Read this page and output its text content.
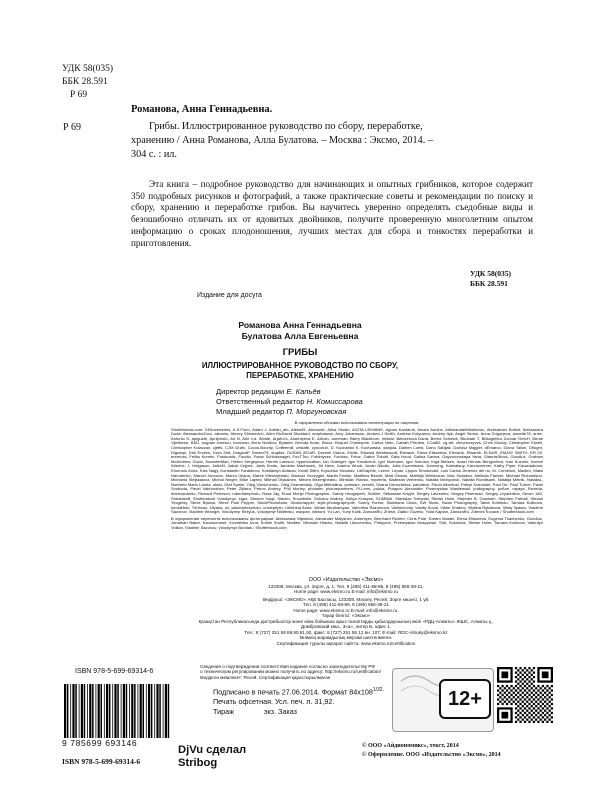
УДК 58(035)
ББК 28.591
Р 69
Романова, Анна Геннадьевна.
Р 69	Грибы. Иллюстрированное руководство по сбору, переработке,
хранению / Анна Романова, Алла Булатова. – Москва : Эксмо, 2014. –
304 с. : ил.
Эта книга – подробное руководство для начинающих и опытных грибников, которое содержит 350 подробных рисунков и фотографий, а также практические советы и рекомендации по поиску и сбору, хранению и переработке грибов. Вы научитесь уверенно определять съедобные виды и безошибочно отличать их от ядовитых двойников, получите проверенную многолетним опытом информацию о сроках плодоношения, лучших местах для сбора и тонкостях переработки и приготовления.
УДК 58(035)
ББК 28.591
Издание для досуга
Романова Анна Геннадьевна
Булатова Алла Евгеньевна
ГРИБЫ
ИЛЛЮСТРИРОВАННОЕ РУКОВОДСТВО ПО СБОРУ,
ПЕРЕРАБОТКЕ, ХРАНЕНИЮ
Директор редакции Е. Капьёв
Ответственный редактор Н. Комиссарова
Младший редактор П. Моргуновская

В оформлении обложки использованы иллюстрации по лицензии:

Shutterstock.com: 24Novembers, A.S.Floro, Adam J, Adrian_am, Aleks49, AlexussK, Alina Studio, AGITA LEIMANE, Agnes Kantaruk, Ainars Aunins, AleksandarMilutinovic, Aleksander Bolbot, Aleksandra Duda, AlessandroZocc, alexeisr, Alexey Shinkevich, Allen McDavid Stoddard, amphaiwan, Amy Johansson, Andrea J Smith, Andrew Kotyranov, Andrey Ityk, Angel Simon, Anna Grigorjeva, annette78, anse, Antonio S, apiguide, Aprilphoto, Art N, Arie v.d. Wolde, ArjaKo's, Arsentyeva E, Artush, aureman; Barry Blackburn, belizar, Belozerova Dana, Bernd Schmidt, Bhubate T, Bildagentur Zoonar GmbH, Birute Vijeikiene, BMJ, bogdan ionescu, bonchan, Boris Novikov, Bplanet, Brenda Kean, Bruce, Buquet Christophe, Carlos Neto, Catalin Petolea, CCat82, cg-art, chevreuxyves, Chris Moody, Christopher Elwell, Christopher Kolaczan, cjeffs, CJM Grafx, Cocos.Bounty, Coffeemill, cristafe, cynoclub, D. Kucharski K. Kucharska, dabjola, Daleen Loest, Dario Sabljak, Dariusz Majgier, dEmarco, Diana Taliun, Dfloght, Digoarpi, Dirk Ercken, Dora Zett, DragicaP, Dream79, dugdax, DUSAN ZIDAR, Dzenek Darius, Eddie, Edward Westmacott, Elenazh, Elena Elisseeva, Elenarts, Elisanth, ELNUR, EMJAY SMITH, ER 09, eremuss, Feliks Kurmin, Fotokostic, Foodio, Franz Schlossnagel, FooTToo, Fotoblysse, Fotoksc, Fotoz, Gabor Tokodi, Gala Hood, Galina Savina, Gayvoronskaya Yana, GiannisStock, Goodluz, Graham McAndrew, Guzic, HamsterMan, Hellen Sergeyeva, Henrik Larsson, hyperlocation, Ian Grainger, Igor Kovalchuk, Igor Normann, Igor Sokolov, Inga Nielsen, Israel Hervas Bengochea, Ivan Kuzmin, Ivonne Wierink, J. Helgason, JaNeN, Jakub Cejpek, Janis Smits, Jaroslav Machacek, Jiri Hera, Joanna Wnuk, Jovan Nikolic, Julia Kuznetsova, Jumnong, Kalmatsuy, Kanusommer, Kathy Piper, Kavardakova, Khomulo Anna, Kiss Nagy, Konstantin Faraktinov, Kostiantyn Ablazov, Kowit Sitthi, Kryuchka Yaroslav, LiliGraphie, Leene, Lepas, Ljupco Smokovski, Luis Carlos Jimenez del rio, M. Cornelius, Madlen, Maks Narodenko, Marcel Jancovic, Marco Uliana, Marek Mierzejewski, Mariusz Szczygiel, Martin Fowler, Matthew Benoit, Matt Gibson, Matthijs Wetterauw, Max Sudakov, Melinda Fawver, Michael Richardson, Michaela Stejskalova, Michal Ninger, Mike Laptev, Mikhail Olykainen, Mircea Bezergheanu, Miroslav Hlavko, mycteria, Nadezda Verbenko, Natalia Melnychuk, Natalia Ruedisueli, Natalija Melnik, NataliaL, Norberto Mario Lauria, oksix, Olaf Speier, Oleg Vinnichenko, Oleg Znamenskiy, Olga Mikhailina, optimarc, orestill, Oxana Denezhkina, pamdeck, Paolo Albertosi, Patryk Kosmider, Paul Orr, Paul Turner, Pavel Svoboda, Pavel Vakhrushev, Peter Zijlstra, Petrov Andrey, Phil Morley, photofer, picturepartners, Pi-Lens, pukka, Potapov Alexander, Przemyslaw Wasilewski, puttography, pzAxe, rayaya, Rezeda, ribeiroantonio, Richard Peterson, robertlamphoto, Rosa Jay, Ruud Morijn Photographer, Sandy Hedgepeth, Schiller, Sebastian Knight, Sergey Lavrentev, Sergey Peterman, Sergey Uryadnikov, Seven 180, Shestakoff, Shutterstock Volodymyr, sigur, Simone Voigt, Slaven, Snowbelle, Sokolov Andrey, Sofiya Krasyuk, SOMMAI, Stanislav Tolewski, Stefan Holm, Stephen B. Goodwin, Stephen Farhall, Stevan Yevgeniy, Steve Byland, Steve Paul Pepper, StockPhotoAstur, Stockcrapper, style-photography.de, Sunny Forest, Swietlana Ckina, SW Stock, Swan Photography, Taina Sohlman, Tamara Kulikova, tomsikfoto, Trinhcau, Ulyana, us_valar/zelesphoto, unclepepin, Utekhina Anna, Vahan Abrahamyan, Valentina Razumova, Vankichomy, Vasiliy Koval, Viktor Shatrov, Vitalina Rybakova, Vitaly Ilyasov, Vladimir Sazonov, Vladimir Wrangel, Volodymyr Kirilyuk, Volodymyr Nikitenko, wacpan, wiktord, Yu Lan, Yuriy Kulik, ZanozaRu, Zhesh, Zlatko Guzmic, Yulia Kaplan, ZanozaRu, Zdenek Kovach / Shutterstock.com

В оформлении переплета использованы фотографии: Aleksandar Mijatovic, Alexander Malyshev, Arsentyev, Bernhard Richter, Chris Pole, Dream Master, Elena Elisseeva, Eugenia Tkachenko, Goodluz, Jonathan Baker, Kanusommer, Kovalenko Inna, Kristin Smith, Madlen, Miroslav Hlavko, Natalia Litovchenko, Pinkyone, Przemyslaw Muszynski, Sirti, Sokolova, Stefan Holm, Tamara Kulikova, Valentyn Volkov, Vladimir Sazonov, Volodymyr Burdiak / Shutterstock.com

ООО «Издательство «Эксмо»
123308, Москва, ул. Зорге, д. 1. Тел. 8 (495) 411-68-86, 8 (495) 956-39-21.
Home page: www.eksmo.ru E-mail: info@eksmo.ru

Өндіруші: «ЭКСМО» АҚБ Баспасы, 123308, Мәскеу, Ресей, Зорге көшесі, 1 үй.
Тел. 8 (495) 411-68-86, 8 (495) 956-39-21
Home page: www.eksmo.ru E-mail: info@eksmo.ru.
Тауар белгісі: «Эксмо»
Қазақстан Республикасында дистрибьютор және өнім бойынша арыз-талаптарды қабылдаушының өкілі «РДЦ-Алматы» ЖШС, Алматы қ., Домбровский көш., 3«а», литер Б, офис 1.
Тел.: 8 (727) 251 59 89,90,91,92, факс: 8 (727) 251 58 12 вн. 107; E-mail: RDC-Almaty@eksmo.kz
Өнімнің жарамдылық мерзімі шектелмеген.
Сертификация туралы ақпарат сайтта: www.eksmo.ru/certification

Сведения о подтверждении соответствия издания согласно законодательству РФ
о техническом регулировании можно получить по адресу: http://eksmo.ru/certification/
Өндірген мемлекет: Ресей. Сертификация қарастырылмаған
Подписано в печать 27.06.2014. Формат $84x108^{1/32.}$
Печать офсетная. Усл. печ. л. 31,92.
Тираж	экз. Заказ
ISBN 978-5-699-69314-6
9 785699 693146
ISBN 978-5-699-69314-6
DjVu сделал
Stribog
12+
© ООО «Айдиономикс», текст, 2014
© Оформление. ООО «Издательство «Эксмо», 2014
